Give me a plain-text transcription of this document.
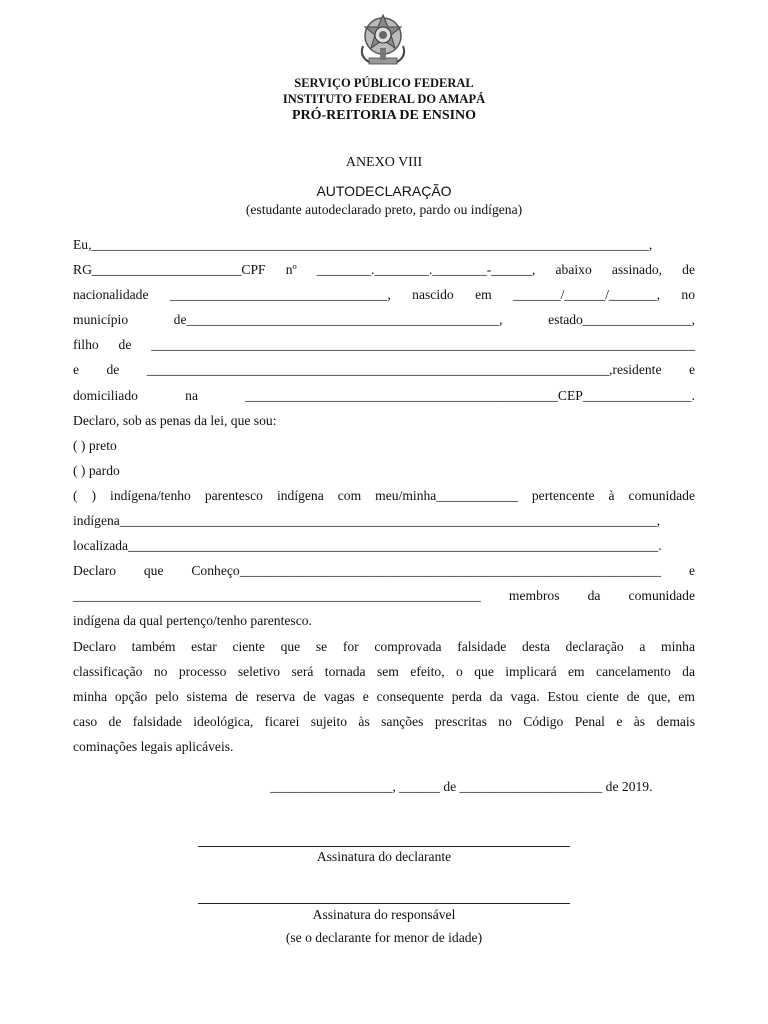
SERVIÇO PÚBLICO FEDERAL
INSTITUTO FEDERAL DO AMAPÁ
PRÓ-REITORIA DE ENSINO
ANEXO VIII
AUTODECLARAÇÃO
(estudante autodeclarado preto, pardo ou indígena)
Eu,__________________________________________________________________________________,
RG______________________CPF nº ________.________.________-______, abaixo assinado, de
nacionalidade ________________________________, nascido em _______/______/_______, no
município de______________________________________________, estado________________,
filho de ________________________________________________________________________________
e de ____________________________________________________________________,residente e
domiciliado na ______________________________________________CEP________________.
Declaro, sob as penas da lei, que sou:
( ) preto
( ) pardo
( ) indígena/tenho parentesco indígena com meu/minha____________ pertencente à comunidade
indígena_______________________________________________________________________________,
localizada______________________________________________________________________________.
Declaro que Conheço______________________________________________________________ e
____________________________________________________________ membros da comunidade
indígena da qual pertenço/tenho parentesco.
Declaro também estar ciente que se for comprovada falsidade desta declaração a minha
classificação no processo seletivo será tornada sem efeito, o que implicará em cancelamento da
minha opção pelo sistema de reserva de vagas e consequente perda da vaga. Estou ciente de que, em
caso de falsidade ideológica, ficarei sujeito às sanções prescritas no Código Penal e às demais
cominações legais aplicáveis.
__________________, ______ de _____________________ de 2019.
Assinatura do declarante
Assinatura do responsável
(se o declarante for menor de idade)
